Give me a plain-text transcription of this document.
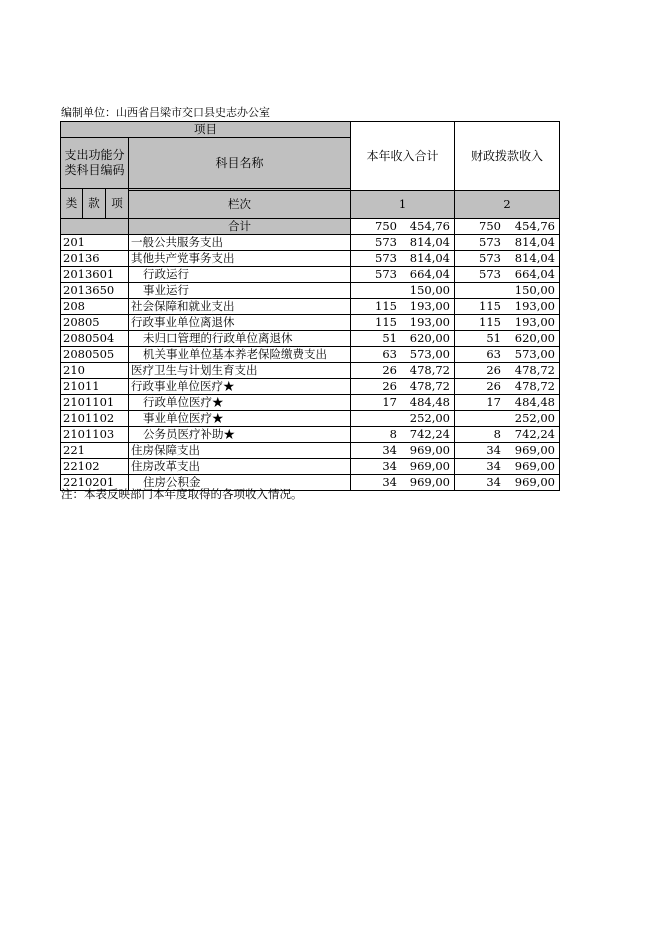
编制单位：山西省吕梁市交口县史志办公室
项目				本年收入合计	财政拨款收入
支出功能分类科目编码			科目名称		
类	款	项			
			栏次	1	2
			合计	750 454,76	750 454,76

201			一般公共服务支出	573 814,04	573 814,04

20136			其他共产党事务支出	573 814,04	573 814,04

2013601			行政运行	573 664,04	573 664,04

2013650			事业运行	150,00	150,00

208			社会保障和就业支出	115 193,00	115 193,00

20805			行政事业单位离退休	115 193,00	115 193,00

2080504			未归口管理的行政单位离退休	51 620,00	51 620,00

2080505			机关事业单位基本养老保险缴费支出	63 573,00	63 573,00

210			医疗卫生与计划生育支出	26 478,72	26 478,72

21011			行政事业单位医疗★	26 478,72	26 478,72

2101101			行政单位医疗★	17 484,48	17 484,48

2101102			事业单位医疗★	252,00	252,00

2101103			公务员医疗补助★	8 742,24	8 742,24

221			住房保障支出	34 969,00	34 969,00

22102			住房改革支出	34 969,00	34 969,00

2210201			住房公积金	34 969,00	34 969,00
注：本表反映部门本年度取得的各项收入情况。
